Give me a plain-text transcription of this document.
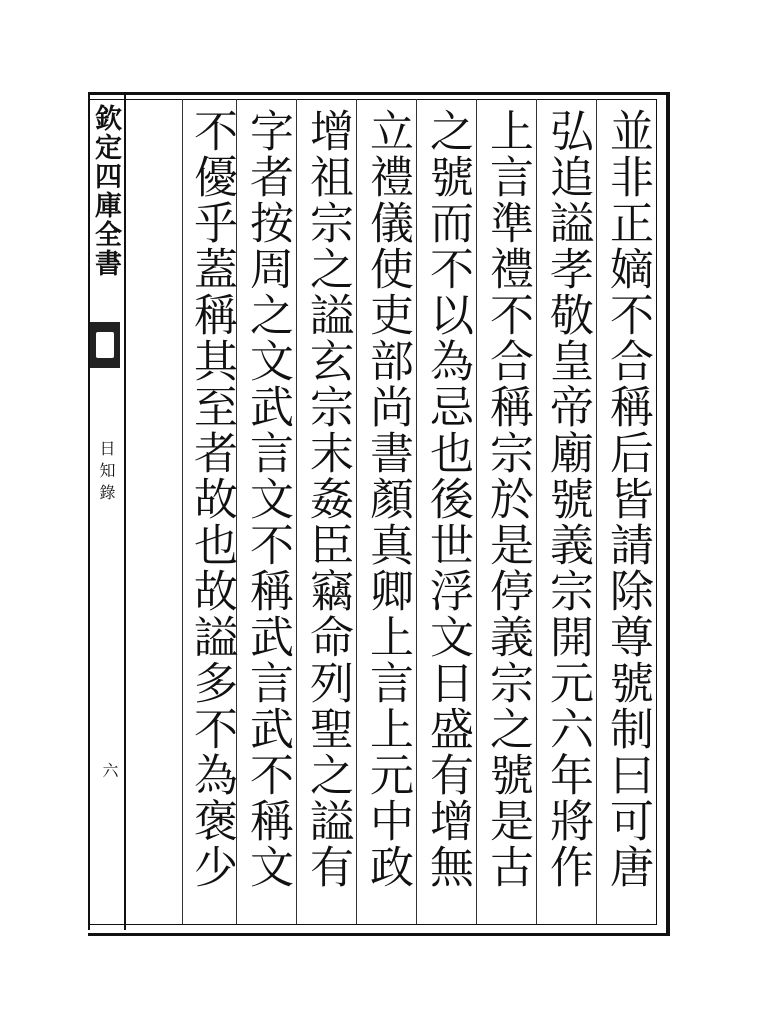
欽定四庫全書
日知錄
六
並非正嫡不合稱后皆請除尊號制曰可唐
弘追謚孝敬皇帝廟號義宗開元六年將作
上言準禮不合稱宗於是停義宗之號是古
之號而不以為忌也後世浮文日盛有增無
立禮儀使吏部尚書顏真卿上言上元中政
增祖宗之謚玄宗末姦臣竊命列聖之謚有
字者按周之文武言文不稱武言武不稱文
不優乎蓋稱其至者故也故謚多不為褒少
